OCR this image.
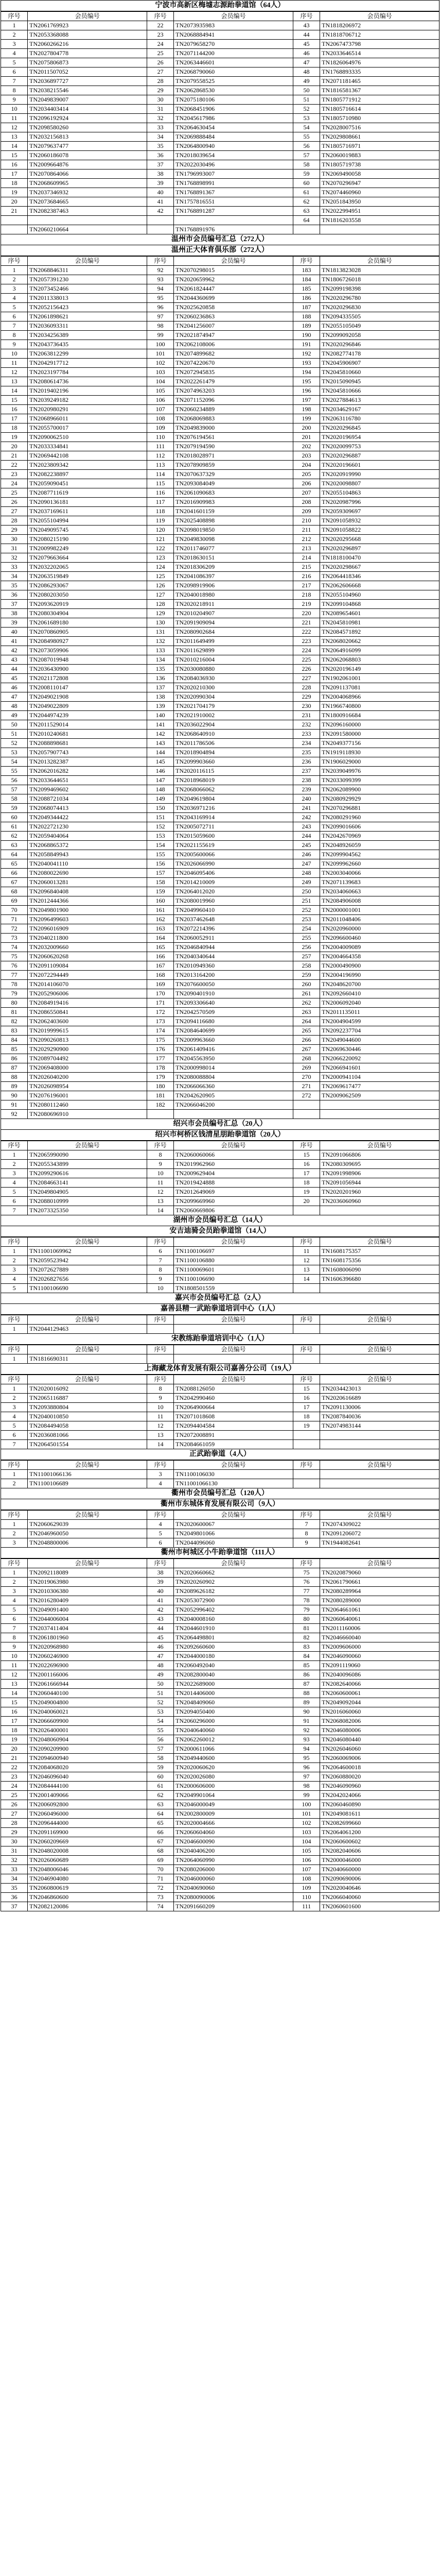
宁波市高新区梅墟志源跆拳道馆（64人）
序号	会员编号	序号	会员编号	序号	会员编号
1	TN2061769923	22	TN2073935983	43	TN1818206972
2	TN2053368088	23	TN2068884941	44	TN1818706712
3	TN2060266216	24	TN2079658270	45	TN2067473798
4	TN2027804778	25	TN2071144200	46	TN2033646514
5	TN2075806873	26	TN2063446601	47	TN1826064976
6	TN2011507052	27	TN2068790060	48	TN1768893335
7	TN2036897727	28	TN2079558525	49	TN2071181465
8	TN2038215546	29	TN2062868530	50	TN1816581367
9	TN2049839007	30	TN2075180106	51	TN1805771912
10	TN2034403414	31	TN2068451906	52	TN1805716614
11	TN2096192924	32	TN2045617986	53	TN1805710980
12	TN2098580260	33	TN2064630454	54	TN2028007516
13	TN2032156813	34	TN2069888484	55	TN2029808661
14	TN2079637477	35	TN2064800940	56	TN1805716971
15	TN2060186078	36	TN2018039654	57	TN2060019883
16	TN2009664876	37	TN2022030496	58	TN1805719738
17	TN2070864066	38	TN1796993007	59	TN2069490058
18	TN2068609965	39	TN1768898991	60	TN2070296947
19	TN2037346932	40	TN1768891367	61	TN2074460960
20	TN2073684665	41	TN1757816551	62	TN2051843950
21	TN2082387463	42	TN1768891287	63	TN2022994951
				64	TN1816203558
	TN2060210664		TN1768891976		
温州市会员编号汇总（272人）
温州正大体育俱乐部（272人）
序号	会员编号	序号	会员编号	序号	会员编号
1	TN2068846311	92	TN2070298015	183	TN1813823028
2	TN2057391230	93	TN2020659962	184	TN1806726018
3	TN2073452466	94	TN2061824447	185	TN2099198398
4	TN2011338013	95	TN2044360699	186	TN2020296780
5	TN2052156423	96	TN2025620858	187	TN2020296830
6	TN2061898621	97	TN2060236863	188	TN2094335505
7	TN2036093311	98	TN2041256007	189	TN2055105049
8	TN2034256389	99	TN2021874947	190	TN2099092058
9	TN2043736435	100	TN2062108006	191	TN2020296846
10	TN2063812299	101	TN2074899682	192	TN2082774178
11	TN2042917712	102	TN2074220670	193	TN2045906907
12	TN2023197784	103	TN2072945835	194	TN2045810660
13	TN2080614736	104	TN2022261479	195	TN2015090945
14	TN2019402196	105	TN2074963203	196	TN2045810666
15	TN2039249182	106	TN2071152096	197	TN2027884613
16	TN2020980291	107	TN2060234889	198	TN2034629167
17	TN2068966011	108	TN2068069883	199	TN2063116780
18	TN2055700017	109	TN2049839000	200	TN2020296845
19	TN2090062510	110	TN2076194561	201	TN2020196954
20	TN2033334841	111	TN2079194590	202	TN2020099753
21	TN2069442108	112	TN2018028971	203	TN2020296887
22	TN2023809342	113	TN2078909859	204	TN2020196601
23	TN2082238897	114	TN2070637329	205	TN2020919990
24	TN2059090451	115	TN2093084049	206	TN2020098807
25	TN2087711619	116	TN2061090683	207	TN2055104863
26	TN2090136181	117	TN2016909983	208	TN2020987996
27	TN2037169611	118	TN2041601159	209	TN2059309697
28	TN2055104994	119	TN2025408898	210	TN2091058932
29	TN2049095745	120	TN2098019850	211	TN2091058822
30	TN2080215190	121	TN2049830098	212	TN2020295668
31	TN2009982249	122	TN2011746077	213	TN2020296897
32	TN2079663664	123	TN2018630151	214	TN1818100470
33	TN2032202065	124	TN2018306209	215	TN2020298667
34	TN2063519849	125	TN2041086397	216	TN2064418346
35	TN2086293067	126	TN2098919906	217	TN2062606668
36	TN2080203050	127	TN2040018980	218	TN2055104960
37	TN2093620919	128	TN2020218911	219	TN2099104868
38	TN2080304904	129	TN2010204907	220	TN2089654601
39	TN2061689180	130	TN2091909094	221	TN2045810981
40	TN2070860905	131	TN2080902684	222	TN2084571892
41	TN2084980927	132	TN2011649499	223	TN2068020662
42	TN2073059906	133	TN2011629899	224	TN2064916099
43	TN2087019948	134	TN2010216004	225	TN2062068803
44	TN2036430900	135	TN2030080880	226	TN2020196149
45	TN2021172808	136	TN2084036930	227	TN1902061001
46	TN2008110147	137	TN2020210300	228	TN2091137081
47	TN2049021908	138	TN2020990304	229	TN2004068966
48	TN2049022809	139	TN2021704179	230	TN1966740800
49	TN2044974239	140	TN2021910002	231	TN1800916684
50	TN2011529014	141	TN2036022904	232	TN2096160000
51	TN2010240681	142	TN2068640910	233	TN2091580000
52	TN2088898681	143	TN2011786506	234	TN2049377156
53	TN2057907743	144	TN2018904894	235	TN1919118930
54	TN2013282387	145	TN2099903660	236	TN1906029000
55	TN2062016282	146	TN2020116115	237	TN2039049976
56	TN2033644651	147	TN2018968019	238	TN2033099399
57	TN2099469602	148	TN2068066062	239	TN2062089900
58	TN2088721034	149	TN2049619804	240	TN2080929929
59	TN2068074413	150	TN2036971216	241	TN2070296881
60	TN2049344422	151	TN2043169914	242	TN2080291960
61	TN2022721230	152	TN2005072711	243	TN2099016606
62	TN2059404064	153	TN2015059600	244	TN2042670969
63	TN2068865372	154	TN2021155619	245	TN2048926059
64	TN2058849943	155	TN2005600066	246	TN2099904562
65	TN2040041110	156	TN2026066990	247	TN2099962660
66	TN2080022690	157	TN2046095406	248	TN2003040066
67	TN2060013281	158	TN2014210009	249	TN2071139683
68	TN2096840408	159	TN2064012020	250	TN2034060663
69	TN2012444366	160	TN2080019960	251	TN2084906008
70	TN2049801900	161	TN2049960410	252	TN2000001001
71	TN2096499603	162	TN2037462648	253	TN2011048406
72	TN2096016909	163	TN2072214396	254	TN2020960000
73	TN2040211800	164	TN2060052911	255	TN2096600460
74	TN2032009660	165	TN2046840944	256	TN2004009089
75	TN2060620268	166	TN2040340644	257	TN2004664358
76	TN2091109084	167	TN2010949360	258	TN2000490900
77	TN2072294449	168	TN2013164200	259	TN2004196990
78	TN2014106070	169	TN2076600050	260	TN2048620700
79	TN2052906006	170	TN2090401910	261	TN2092660410
80	TN2084919416	171	TN2093306640	262	TN2006092040
81	TN2086550841	172	TN2042570509	263	TN2011135011
82	TN2062403600	173	TN2094116680	264	TN2004904599
83	TN2019999615	174	TN2084640699	265	TN2092237704
84	TN2090260813	175	TN2009963660	266	TN2049044600
85	TN2029290900	176	TN2061409416	267	TN2069630446
86	TN2089704492	177	TN2045563950	268	TN2066220092
87	TN2069408000	178	TN2000998014	269	TN2066941601
88	TN2026040200	179	TN2080088804	270	TN2000941104
89	TN2026098954	180	TN2066066360	271	TN2069617477
90	TN2076196001	181	TN2042620905	272	TN2009062509
91	TN2080112460	182	TN2066046200		
92	TN2080696910				
绍兴市会员编号汇总（20人）
绍兴市柯桥区钱清星朋跆拳道馆（20人）
序号	会员编号	序号	会员编号	序号	会员编号
1	TN2065990090	8	TN2060060066	15	TN2091066806
2	TN2055343899	9	TN2019962960	16	TN2080309695
3	TN2099290616	10	TN2009629404	17	TN2091998906
4	TN2084663141	11	TN2019424888	18	TN2091056944
5	TN2049804905	12	TN2012649069	19	TN2020201960
6	TN2088010999	13	TN2099669960	20	TN2036060960
7	TN2073325350	14	TN2060669806		
湖州市会员编号汇总（14人）
安吉迪骑会员跆拳道馆（14人）
序号	会员编号	序号	会员编号	序号	会员编号
1	TN11001069962	6	TN1100106697	11	TN1608175357
2	TN2059523942	7	TN1100106880	12	TN1608175356
3	TN2072627889	8	TN1100069601	13	TN1608006090
4	TN2026827656	9	TN1100106690	14	TN1606396680
5	TN1100106690	10	TN1808501559		
嘉兴市会员编号汇总（2人）
嘉善县精一武跆拳道培训中心（1人）
序号	会员编号	序号	会员编号	序号	会员编号
1	TN2044129463				
宋教练跆拳道培训中心（1人）
序号	会员编号	序号	会员编号	序号	会员编号
1	TN1816690311				
上海藏龙体育发展有限公司嘉善分公司（19人）
序号	会员编号	序号	会员编号	序号	会员编号
1	TN2020016092	8	TN2088126050	15	TN2034423013
2	TN2065116887	9	TN2042990460	16	TN2020616689
3	TN2093880804	10	TN2064900664	17	TN2091130006
4	TN2040010850	11	TN2071018608	18	TN2087840036
5	TN2084494058	12	TN2094404584	19	TN2074983144
6	TN2036081066	13	TN2072008891		
7	TN2064501554	14	TN2084661059		
正武跆拳道（4人）
序号	会员编号	序号	会员编号	序号	会员编号
1	TN11001066136	3	TN1100106030		
2	TN1100106689	4	TN11001066130		
衢州市会员编号汇总（120人）
衢州市东城体育发展有限公司（9人）
序号	会员编号	序号	会员编号	序号	会员编号
1	TN2060629039	4	TN2020600067	7	TN2074309022
2	TN2046960050	5	TN2049801066	8	TN2091206072
3	TN2048800006	6	TN2044096060	9	TN1944082641
衢州市柯城区小牛跆拳道馆（111人）
序号	会员编号	序号	会员编号	序号	会员编号
1	TN2092118089	38	TN2020660662	75	TN2020879060
2	TN2019063980	39	TN2020260902	76	TN2061790661
3	TN2010306380	40	TN2089626182	77	TN2080289964
4	TN2016280409	41	TN2053072900	78	TN2080289000
5	TN2049091400	42	TN2052996402	79	TN2064661061
6	TN2044006004	43	TN2040008160	80	TN2060640061
7	TN2037411404	44	TN2044601910	81	TN2011160006
8	TN2061801960	45	TN2064498801	82	TN2046660040
9	TN2020968980	46	TN2092660600	83	TN2009606000
10	TN2060246900	47	TN2044000180	84	TN2046090060
11	TN2022696900	48	TN2060492040	85	TN2091119060
12	TN2001166006	49	TN2082800040	86	TN2040096086
13	TN2061666944	50	TN2022689000	87	TN2082640066
14	TN2060440100	51	TN2014406000	88	TN2060600061
15	TN2049004800	52	TN2048409060	89	TN2049092044
16	TN2040060021	53	TN2094050400	90	TN2016060060
17	TN2066609900	54	TN2060296000	91	TN2068082006
18	TN2026400001	55	TN2040640060	92	TN2046080006
19	TN2048060904	56	TN2062260012	93	TN2046080440
20	TN2090209900	57	TN2000611066	94	TN2026046060
21	TN2094600940	58	TN2049440600	95	TN2060069006
22	TN2084068020	59	TN2020060620	96	TN2064600018
23	TN2046096040	60	TN2020026080	97	TN2060880020
24	TN2084444100	61	TN2000606000	98	TN2046090960
25	TN2001409066	62	TN2049901064	99	TN2042024066
26	TN2006092800	63	TN2046000049	100	TN2060460890
27	TN2060496000	64	TN2002800009	101	TN2049081611
28	TN2096444000	65	TN2020004666	102	TN2082699660
29	TN2091169900	66	TN2060604060	103	TN2064061200
30	TN2060209669	67	TN2046600090	104	TN2060600602
31	TN2048020008	68	TN2040406200	105	TN2082040606
32	TN2026060689	69	TN2064060990	106	TN2000046000
33	TN2048006046	70	TN2080206000	107	TN2040660000
34	TN2046904080	71	TN2046000060	108	TN2090690006
35	TN2060800619	72	TN2040690060	109	TN2020040646
36	TN2046860600	73	TN2080090006	110	TN2066040060
37	TN2082120086	74	TN2091660209	111	TN2060601600
